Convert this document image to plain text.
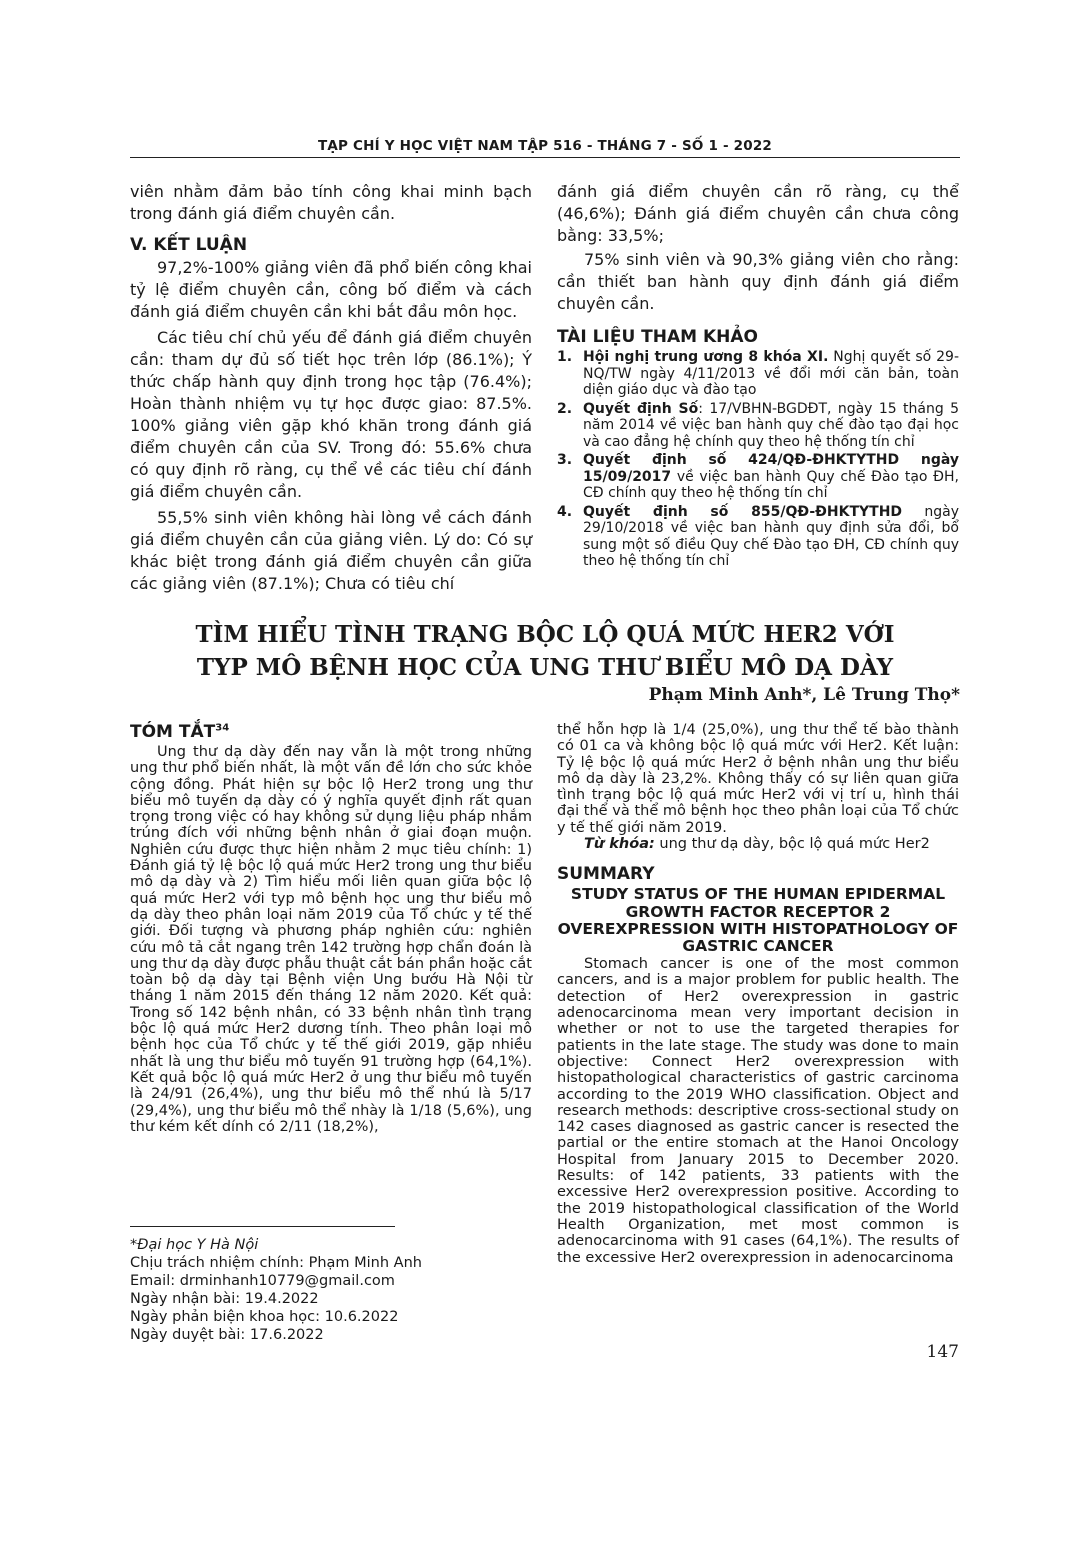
TẠP CHÍ Y HỌC VIỆT NAM TẬP 516 - THÁNG 7 - SỐ 1 - 2022

viên nhằm đảm bảo tính công khai minh bạch trong đánh giá điểm chuyên cần.

V. KẾT LUẬN

97,2%-100% giảng viên đã phổ biến công khai tỷ lệ điểm chuyên cần, công bố điểm và cách đánh giá điểm chuyên cần khi bắt đầu môn học.

Các tiêu chí chủ yếu để đánh giá điểm chuyên cần: tham dự đủ số tiết học trên lớp (86.1%); Ý thức chấp hành quy định trong học tập (76.4%); Hoàn thành nhiệm vụ tự học được giao: 87.5%. 100% giảng viên gặp khó khăn trong đánh giá điểm chuyên cần của SV. Trong đó: 55.6% chưa có quy định rõ ràng, cụ thể về các tiêu chí đánh giá điểm chuyên cần.

55,5% sinh viên không hài lòng về cách đánh giá điểm chuyên cần của giảng viên. Lý do: Có sự khác biệt trong đánh giá điểm chuyên cần giữa các giảng viên (87.1%); Chưa có tiêu chí

đánh giá điểm chuyên cần rõ ràng, cụ thể (46,6%); Đánh giá điểm chuyên cần chưa công bằng: 33,5%;

75% sinh viên và 90,3% giảng viên cho rằng: cần thiết ban hành quy định đánh giá điểm chuyên cần.

TÀI LIỆU THAM KHẢO

1. Hội nghị trung ương 8 khóa XI. Nghị quyết số 29-NQ/TW ngày 4/11/2013 về đổi mới căn bản, toàn diện giáo dục và đào tạo
2. Quyết định Số: 17/VBHN-BGDĐT, ngày 15 tháng 5 năm 2014 về việc ban hành quy chế đào tạo đại học và cao đẳng hệ chính quy theo hệ thống tín chỉ
3. Quyết định số 424/QĐ-ĐHKTYTHD ngày 15/09/2017 về việc ban hành Quy chế Đào tạo ĐH, CĐ chính quy theo hệ thống tín chỉ
4. Quyết định số 855/QĐ-ĐHKTYTHD ngày 29/10/2018 về việc ban hành quy định sửa đổi, bổ sung một số điều Quy chế Đào tạo ĐH, CĐ chính quy theo hệ thống tín chỉ
TÌM HIỂU TÌNH TRẠNG BỘC LỘ QUÁ MỨC HER2 VỚI
TYP MÔ BỆNH HỌC CỦA UNG THƯ BIỂU MÔ DẠ DÀY
Phạm Minh Anh*, Lê Trung Thọ*

TÓM TẮT$^{34}$

Ung thư dạ dày đến nay vẫn là một trong những ung thư phổ biến nhất, là một vấn đề lớn cho sức khỏe cộng đồng. Phát hiện sự bộc lộ Her2 trong ung thư biểu mô tuyến dạ dày có ý nghĩa quyết định rất quan trọng trong việc có hay không sử dụng liệu pháp nhắm trúng đích với những bệnh nhân ở giai đoạn muộn. Nghiên cứu được thực hiện nhằm 2 mục tiêu chính: 1) Đánh giá tỷ lệ bộc lộ quá mức Her2 trong ung thư biểu mô dạ dày và 2) Tìm hiểu mối liên quan giữa bộc lộ quá mức Her2 với typ mô bệnh học ung thư biểu mô dạ dày theo phân loại năm 2019 của Tổ chức y tế thế giới. Đối tượng và phương pháp nghiên cứu: nghiên cứu mô tả cắt ngang trên 142 trường hợp chẩn đoán là ung thư dạ dày được phẫu thuật cắt bán phần hoặc cắt toàn bộ dạ dày tại Bệnh viện Ung bướu Hà Nội từ tháng 1 năm 2015 đến tháng 12 năm 2020. Kết quả: Trong số 142 bệnh nhân, có 33 bệnh nhân tình trạng bộc lộ quá mức Her2 dương tính. Theo phân loại mô bệnh học của Tổ chức y tế thế giới 2019, gặp nhiều nhất là ung thư biểu mô tuyến 91 trường hợp (64,1%). Kết quả bộc lộ quá mức Her2 ở ung thư biểu mô tuyến là 24/91 (26,4%), ung thư biểu mô thể nhú là 5/17 (29,4%), ung thư biểu mô thể nhày là 1/18 (5,6%), ung thư kém kết dính có 2/11 (18,2%),

*Đại học Y Hà Nội
Chịu trách nhiệm chính: Phạm Minh Anh
Email: drminhanh10779@gmail.com
Ngày nhận bài: 19.4.2022
Ngày phản biện khoa học: 10.6.2022
Ngày duyệt bài: 17.6.2022

thể hỗn hợp là 1/4 (25,0%), ung thư thể tế bào thành có 01 ca và không bộc lộ quá mức với Her2. Kết luận: Tỷ lệ bộc lộ quá mức Her2 ở bệnh nhân ung thư biểu mô dạ dày là 23,2%. Không thấy có sự liên quan giữa tình trạng bộc lộ quá mức Her2 với vị trí u, hình thái đại thể và thể mô bệnh học theo phân loại của Tổ chức y tế thế giới năm 2019.

Từ khóa: ung thư dạ dày, bộc lộ quá mức Her2

SUMMARY

STUDY STATUS OF THE HUMAN EPIDERMAL GROWTH FACTOR RECEPTOR 2 OVEREXPRESSION WITH HISTOPATHOLOGY OF GASTRIC CANCER

Stomach cancer is one of the most common cancers, and is a major problem for public health. The detection of Her2 overexpression in gastric adenocarcinoma mean very important decision in whether or not to use the targeted therapies for patients in the late stage. The study was done to main objective: Connect Her2 overexpression with histopathological characteristics of gastric carcinoma according to the 2019 WHO classification. Object and research methods: descriptive cross-sectional study on 142 cases diagnosed as gastric cancer is resected the partial or the entire stomach at the Hanoi Oncology Hospital from January 2015 to December 2020. Results: of 142 patients, 33 patients with the excessive Her2 overexpression positive. According to the 2019 histopathological classification of the World Health Organization, met most common is adenocarcinoma with 91 cases (64,1%). The results of the excessive Her2 overexpression in adenocarcinoma

147
